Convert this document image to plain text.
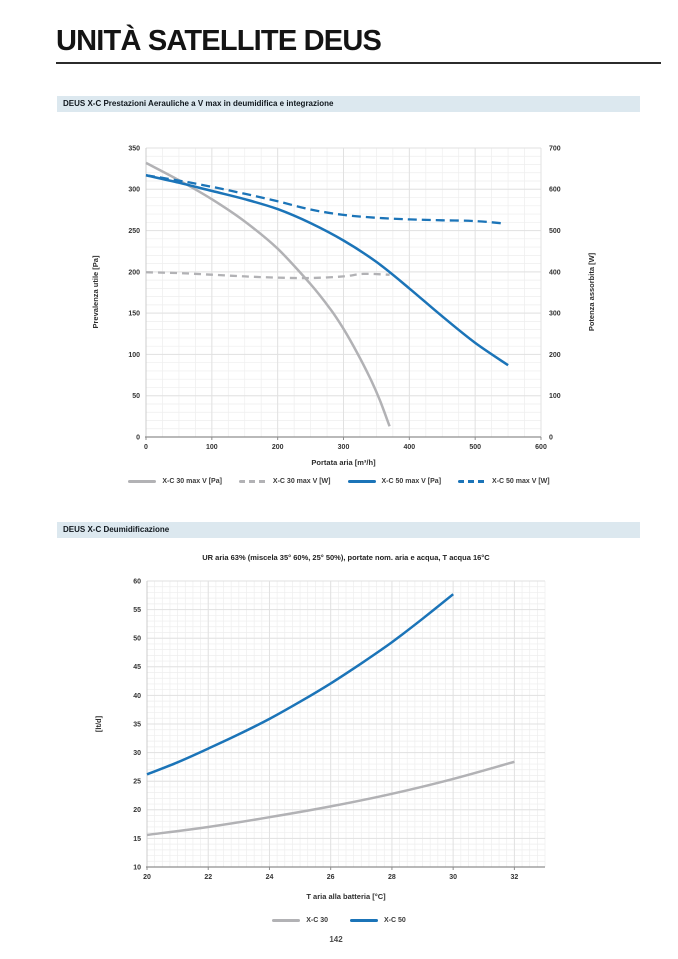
UNITÀ SATELLITE DEUS
DEUS X-C Prestazioni Aerauliche a V max in deumidifica e integrazione
0	100	200	300	400	500	600
0
50
100
150
200
250
300
350
0
100
200
300
400
500
600
700
Prevalenza utile [Pa]	Potenza assorbita [W]
Portata aria [m³/h]
X-C 30 max V [Pa]	X-C 30 max V [W]	X-C 50 max V [Pa]	X-C 50 max V [W]
DEUS X-C Deumidificazione
UR aria 63% (miscela 35° 60%, 25° 50%), portate nom. aria e acqua, T acqua 16°C
20	22	24	26	28	30	32
10
15
20
25
30
35
40
45
50
55
60
[lt/d]
T aria alla batteria [°C]
X-C 30	X-C 50
142
